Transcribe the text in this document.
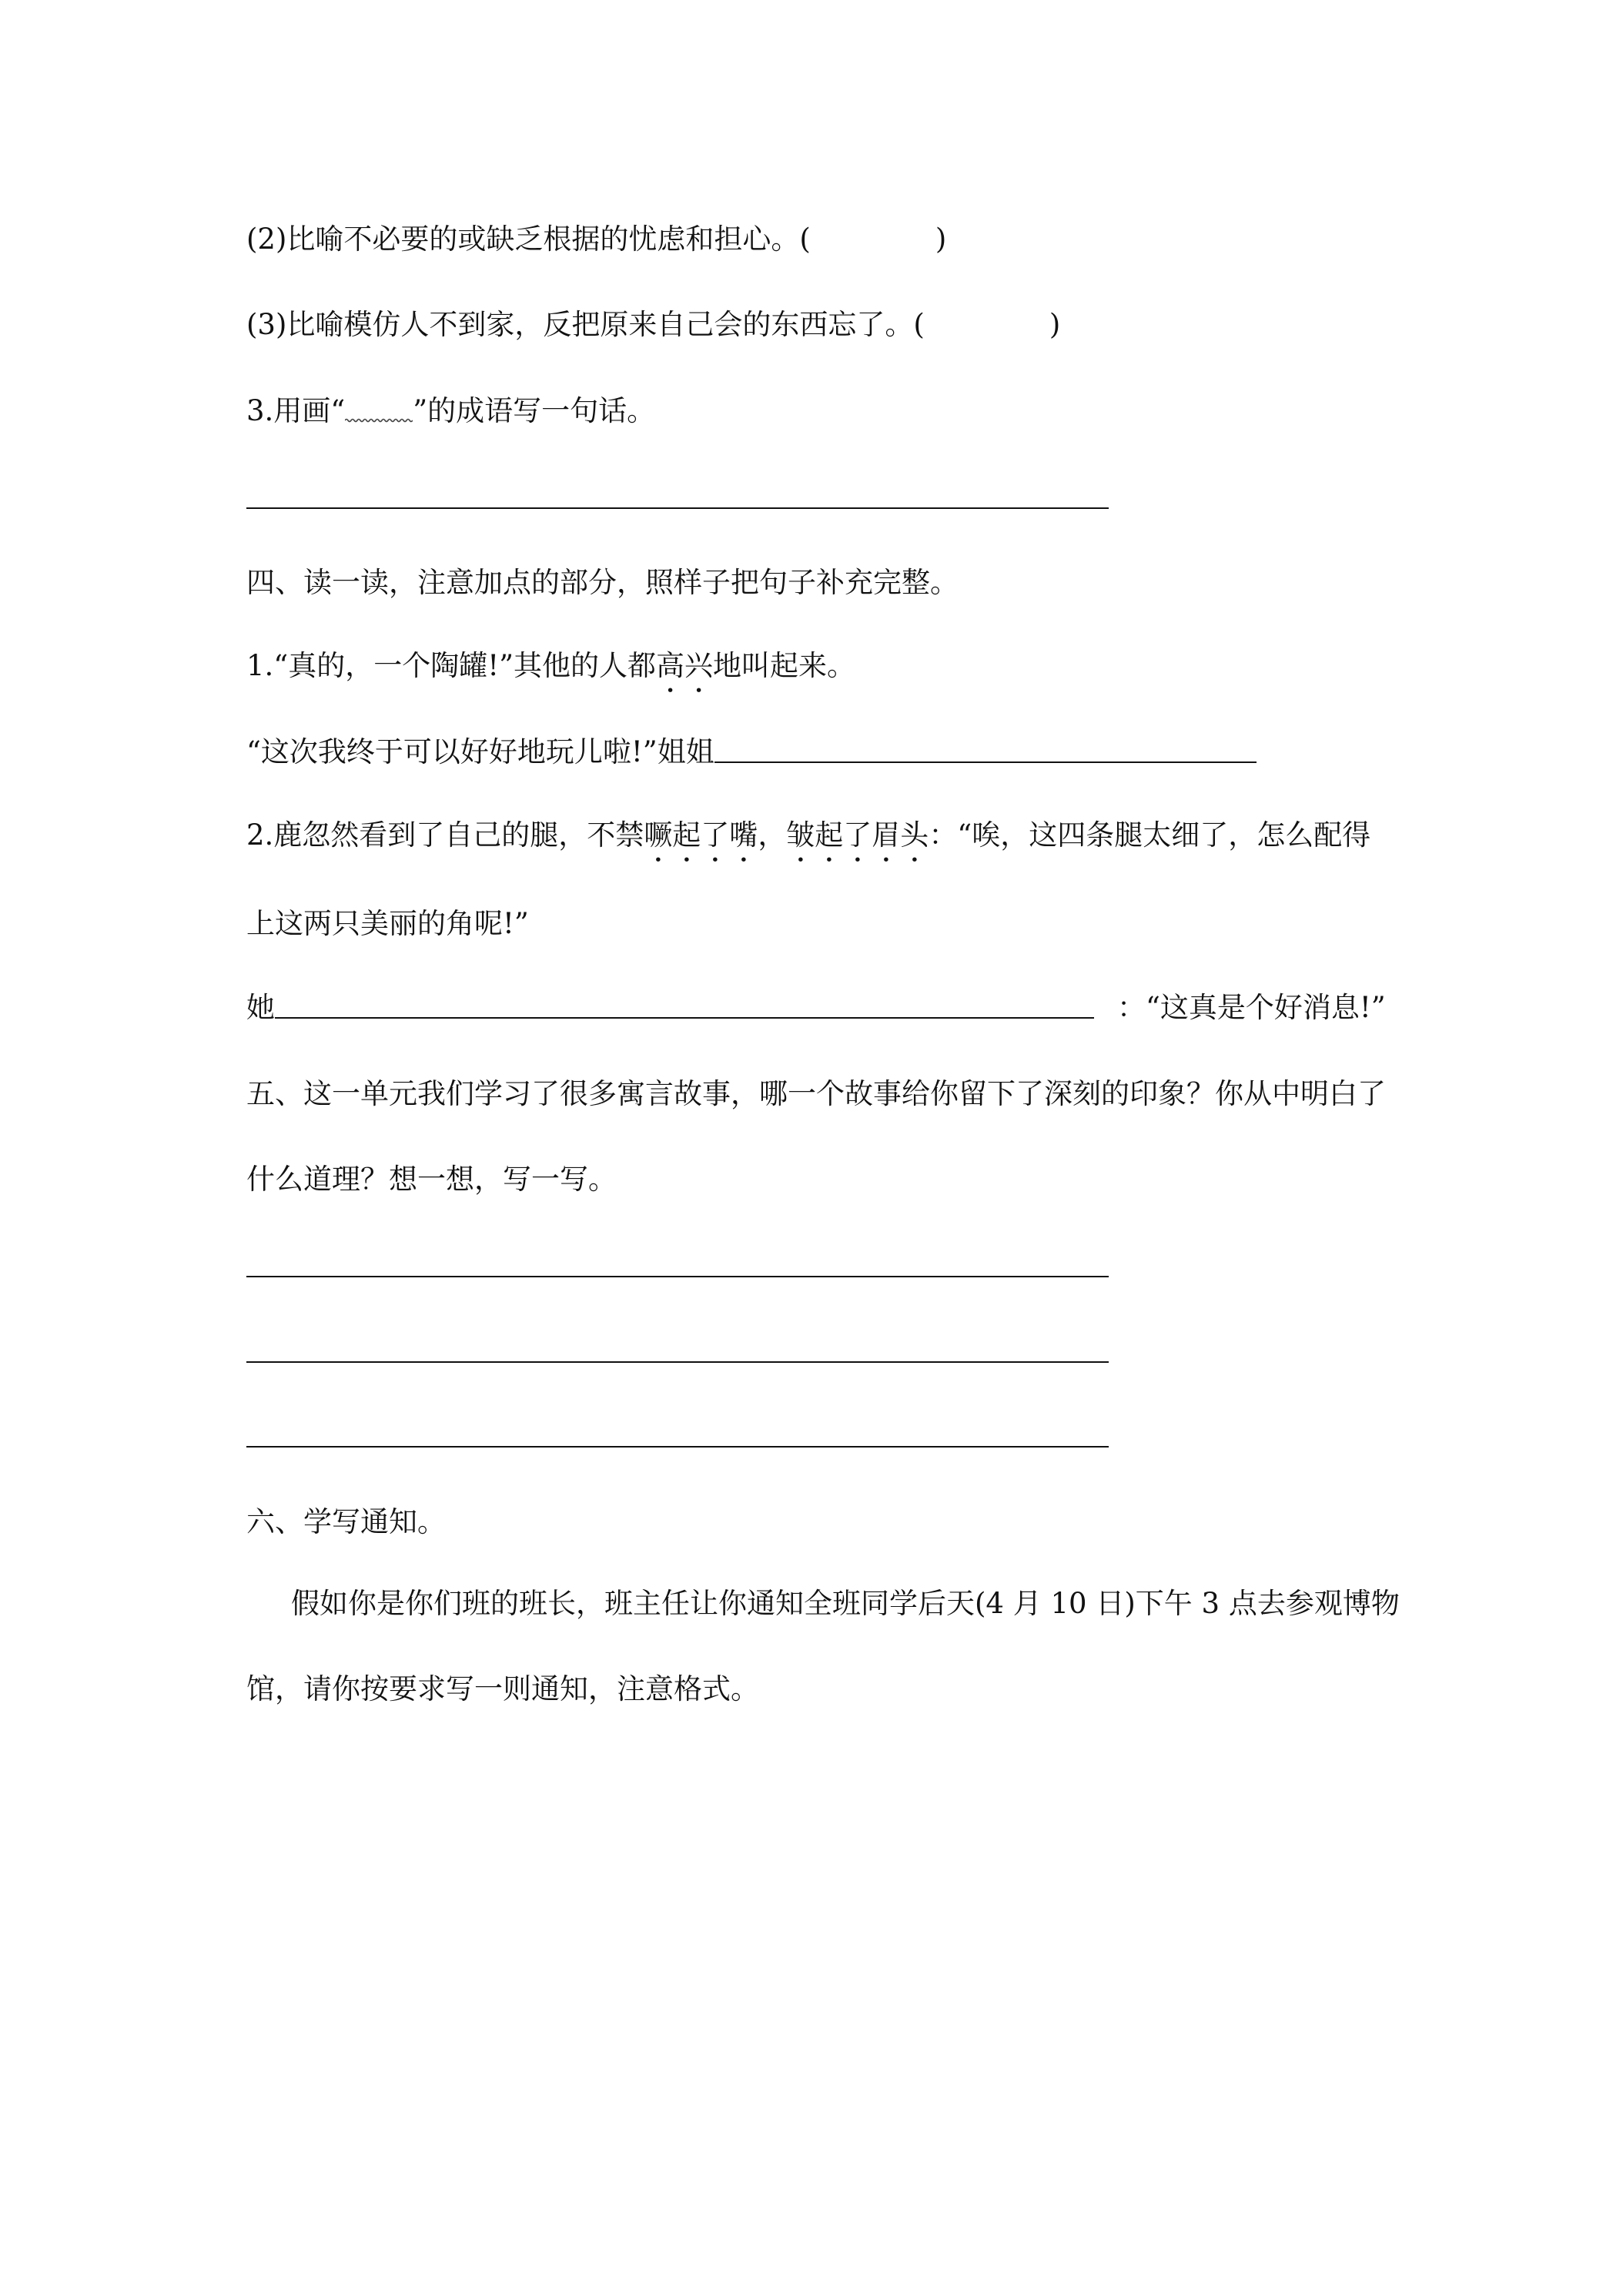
(2)比喻不必要的或缺乏根据的忧虑和担心。(	)
(3)比喻模仿人不到家，反把原来自己会的东西忘了。(	)
3.用画“ ”的成语写一句话。
四、读一读，注意加点的部分，照样子把句子补充完整。
1.“真的，一个陶罐!”其他的人都高兴地叫起来。
“这次我终于可以好好地玩儿啦!”姐姐
2.鹿忽然看到了自己的腿，不禁噘起了嘴，皱起了眉头：“唉，这四条腿太细了，怎么配得
上这两只美丽的角呢!”
她	：“这真是个好消息!”
五、这一单元我们学习了很多寓言故事，哪一个故事给你留下了深刻的印象？你从中明白了
什么道理？想一想，写一写。
六、学写通知。
假如你是你们班的班长，班主任让你通知全班同学后天(4 月 10 日)下午 3 点去参观博物
馆，请你按要求写一则通知，注意格式。
